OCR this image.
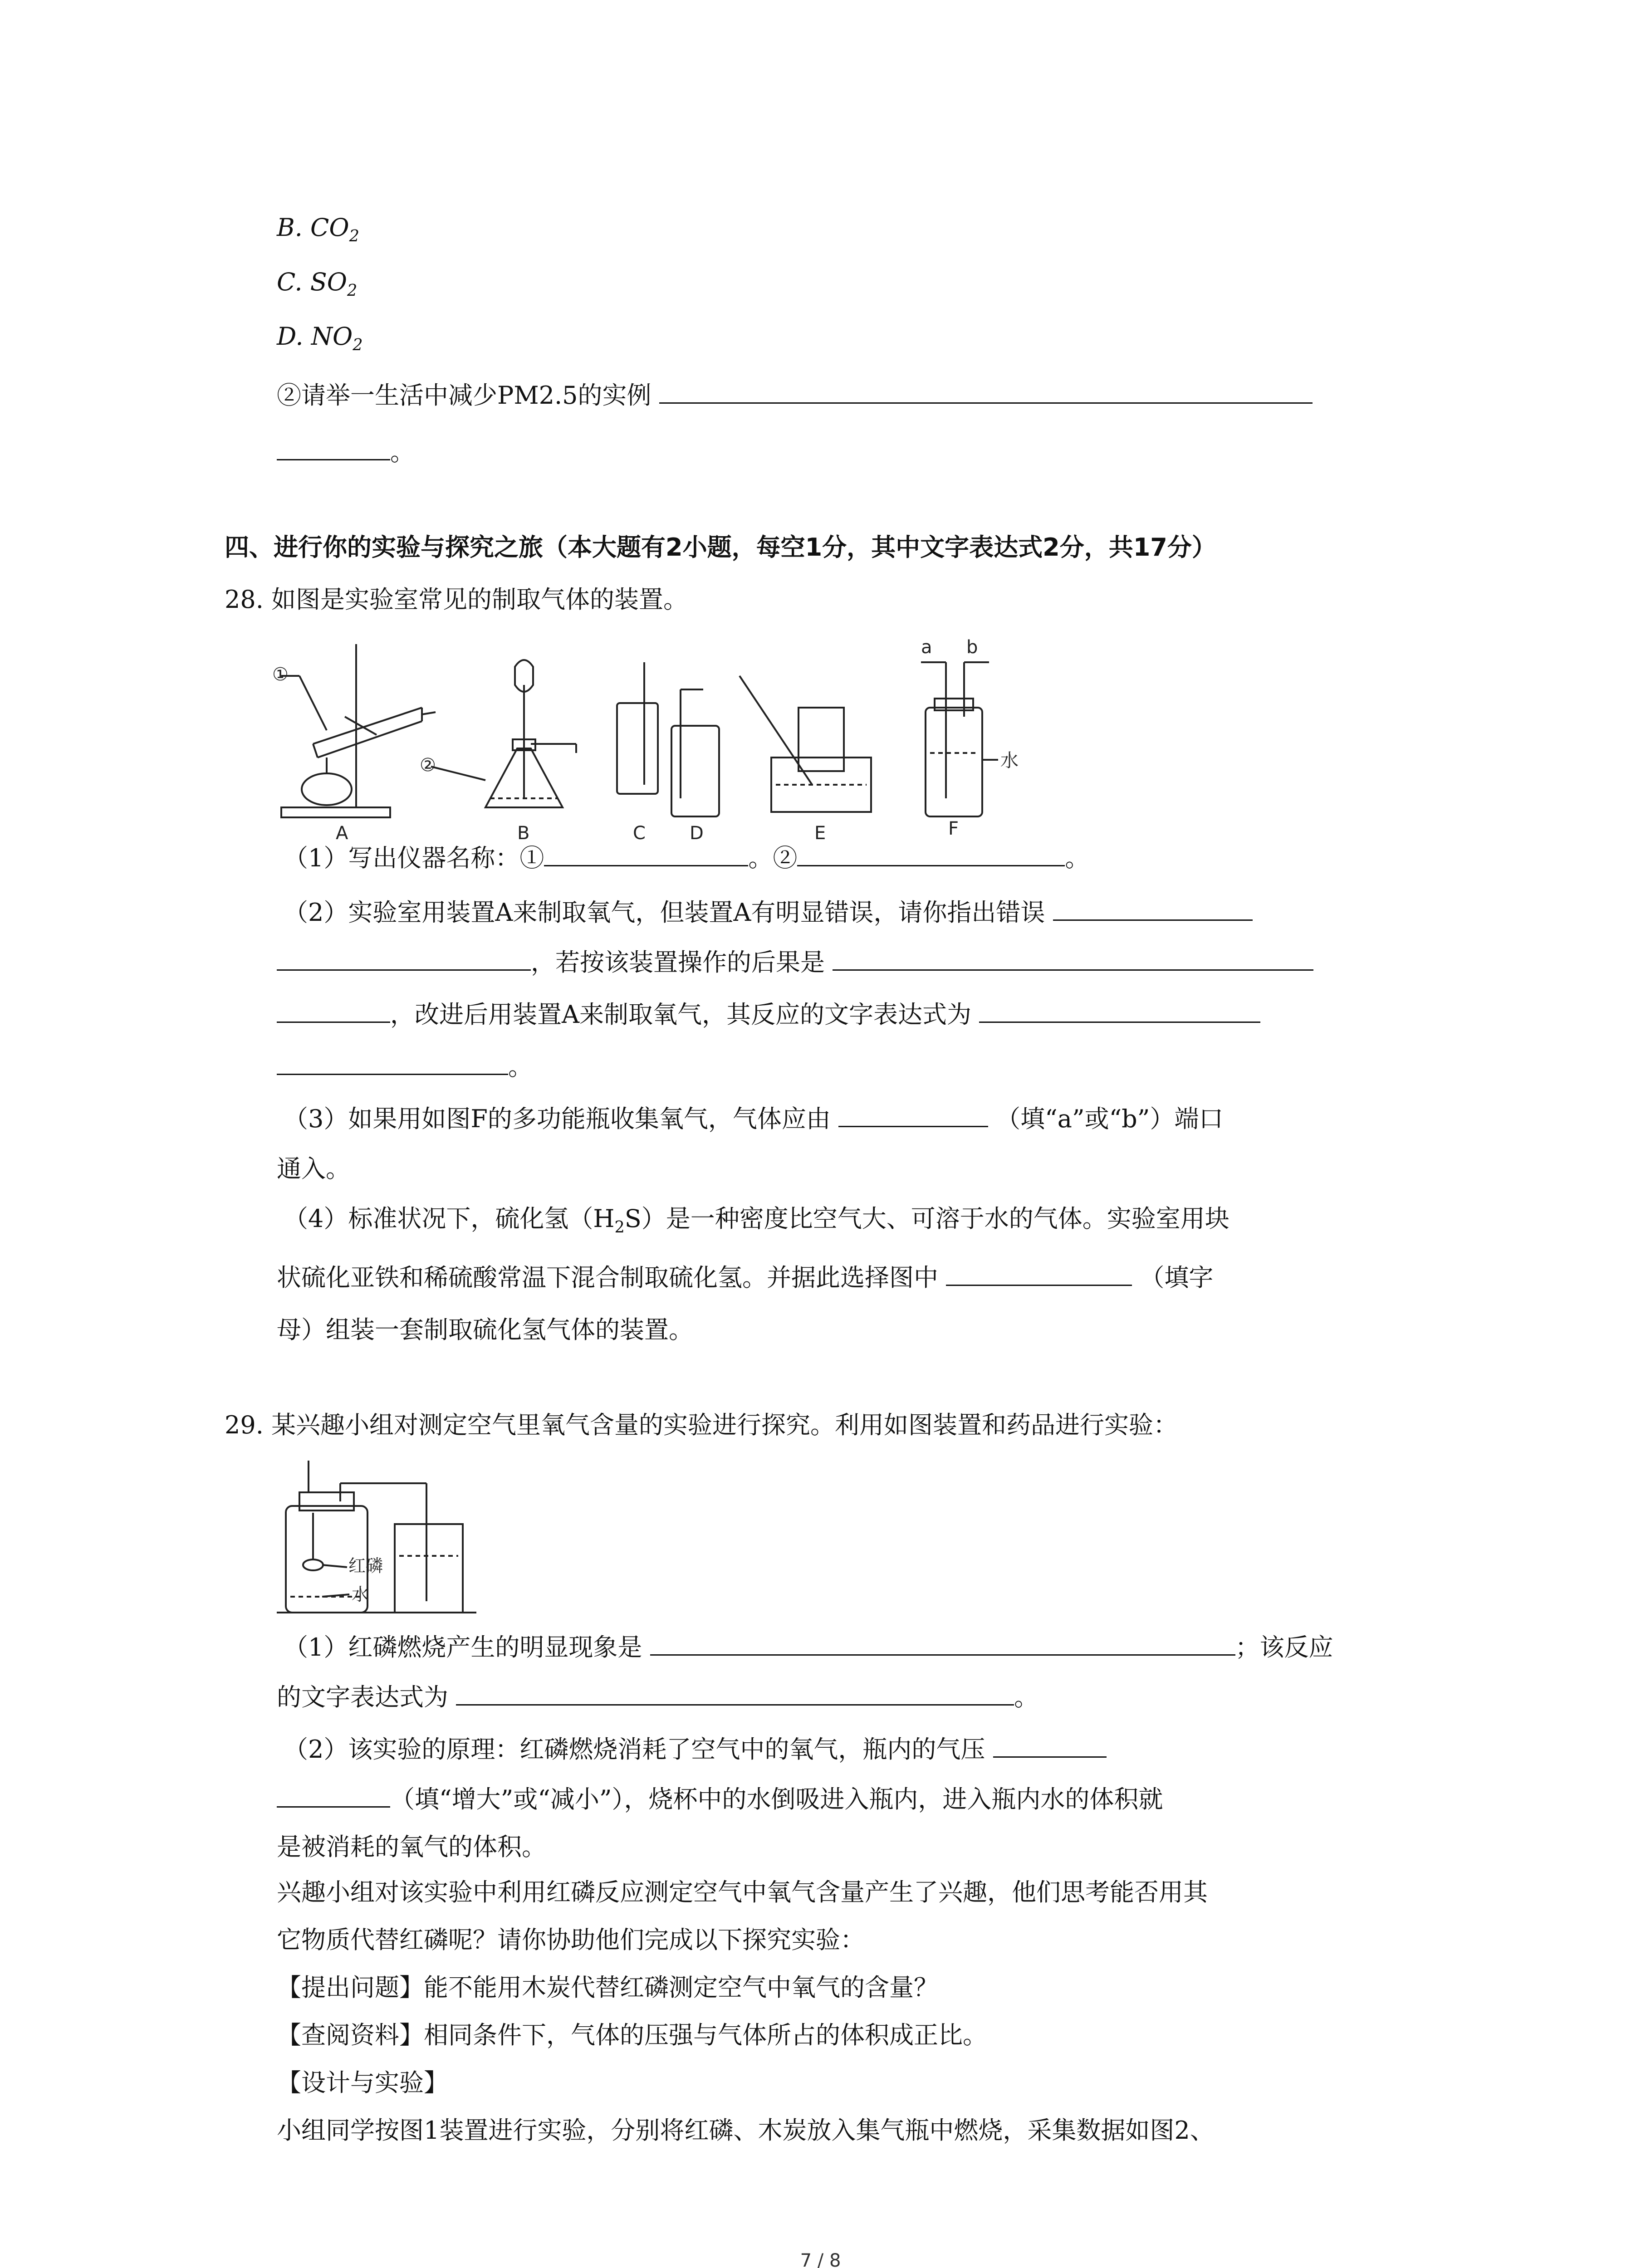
B. $CO_2$
C. $SO_2$
D. $NO_2$
②请举一生活中减少PM2.5的实例
。
四、进行你的实验与探究之旅（本大题有2小题，每空1分，其中文字表达式2分，共17分）
28. 如图是实验室常见的制取气体的装置。
①
②
A	B	C D	E	F
a b
水
（1）写出仪器名称：①	。②	。
（2）实验室用装置A来制取氧气，但装置A有明显错误，请你指出错误
，若按该装置操作的后果是
，改进后用装置A来制取氧气，其反应的文字表达式为
。
（3）如果用如图F的多功能瓶收集氧气，气体应由	（填“a”或“b”）端口
通入。
（4）标准状况下，硫化氢$(H_2S)$是一种密度比空气大、可溶于水的气体。实验室用块
状硫化亚铁和稀硫酸常温下混合制取硫化氢。并据此选择图中	（填字
母）组装一套制取硫化氢气体的装置。
29. 某兴趣小组对测定空气里氧气含量的实验进行探究。利用如图装置和药品进行实验：
红磷
水
（1）红磷燃烧产生的明显现象是	；该反应
的文字表达式为	。
（2）该实验的原理：红磷燃烧消耗了空气中的氧气，瓶内的气压
（填“增大”或“减小”），烧杯中的水倒吸进入瓶内，进入瓶内水的体积就
是被消耗的氧气的体积。
兴趣小组对该实验中利用红磷反应测定空气中氧气含量产生了兴趣，他们思考能否用其
它物质代替红磷呢？请你协助他们完成以下探究实验：
【提出问题】能不能用木炭代替红磷测定空气中氧气的含量？
【查阅资料】相同条件下，气体的压强与气体所占的体积成正比。
【设计与实验】
小组同学按图1装置进行实验，分别将红磷、木炭放入集气瓶中燃烧，采集数据如图2、
7 / 8
